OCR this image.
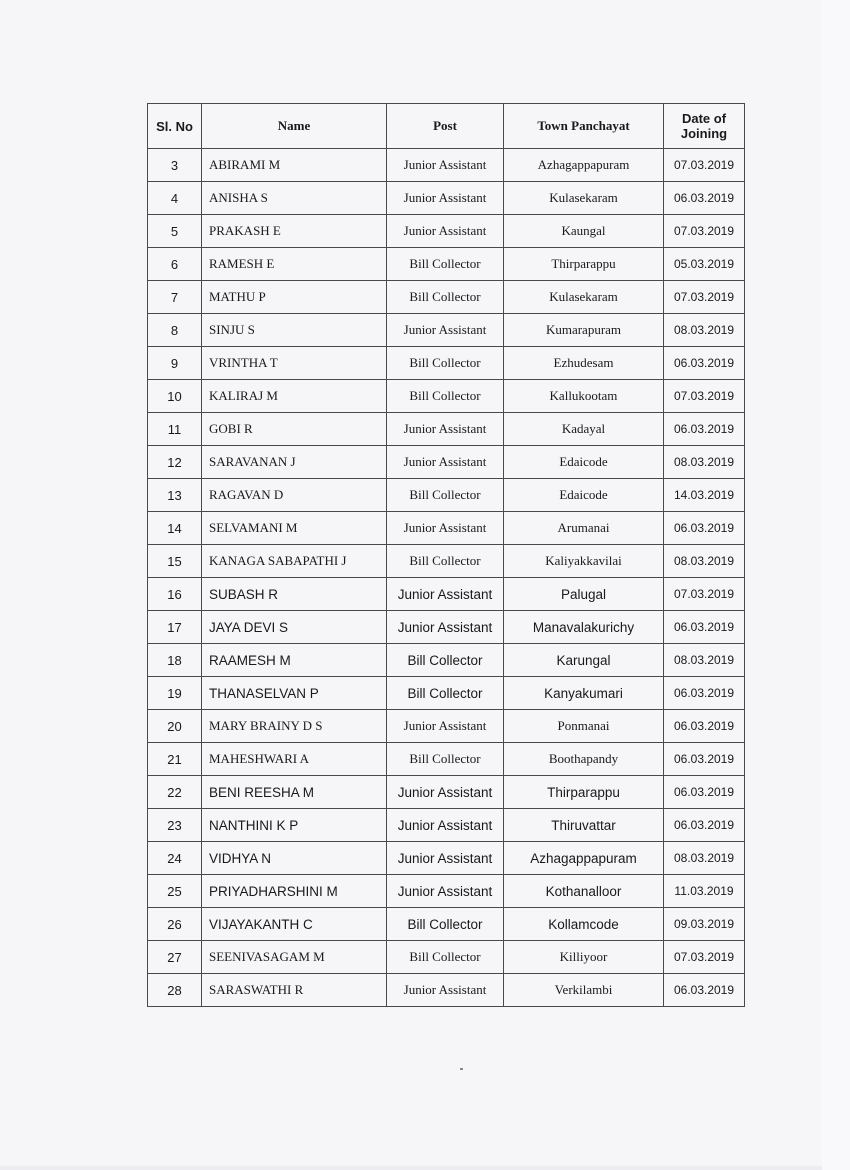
Sl. No	Name	Post	Town Panchayat	Date of Joining
3	ABIRAMI M	Junior Assistant	Azhagappapuram	07.03.2019
4	ANISHA S	Junior Assistant	Kulasekaram	06.03.2019
5	PRAKASH E	Junior Assistant	Kaungal	07.03.2019
6	RAMESH E	Bill Collector	Thirparappu	05.03.2019
7	MATHU P	Bill Collector	Kulasekaram	07.03.2019
8	SINJU S	Junior Assistant	Kumarapuram	08.03.2019
9	VRINTHA T	Bill Collector	Ezhudesam	06.03.2019
10	KALIRAJ M	Bill Collector	Kallukootam	07.03.2019
11	GOBI R	Junior Assistant	Kadayal	06.03.2019
12	SARAVANAN J	Junior Assistant	Edaicode	08.03.2019
13	RAGAVAN D	Bill Collector	Edaicode	14.03.2019
14	SELVAMANI M	Junior Assistant	Arumanai	06.03.2019
15	KANAGA SABAPATHI J	Bill Collector	Kaliyakkavilai	08.03.2019
16	SUBASH R	Junior Assistant	Palugal	07.03.2019
17	JAYA DEVI S	Junior Assistant	Manavalakurichy	06.03.2019
18	RAAMESH M	Bill Collector	Karungal	08.03.2019
19	THANASELVAN P	Bill Collector	Kanyakumari	06.03.2019
20	MARY BRAINY D S	Junior Assistant	Ponmanai	06.03.2019
21	MAHESHWARI A	Bill Collector	Boothapandy	06.03.2019
22	BENI REESHA M	Junior Assistant	Thirparappu	06.03.2019
23	NANTHINI K P	Junior Assistant	Thiruvattar	06.03.2019
24	VIDHYA N	Junior Assistant	Azhagappapuram	08.03.2019
25	PRIYADHARSHINI M	Junior Assistant	Kothanalloor	11.03.2019
26	VIJAYAKANTH C	Bill Collector	Kollamcode	09.03.2019
27	SEENIVASAGAM M	Bill Collector	Killiyoor	07.03.2019
28	SARASWATHI R	Junior Assistant	Verkilambi	06.03.2019
